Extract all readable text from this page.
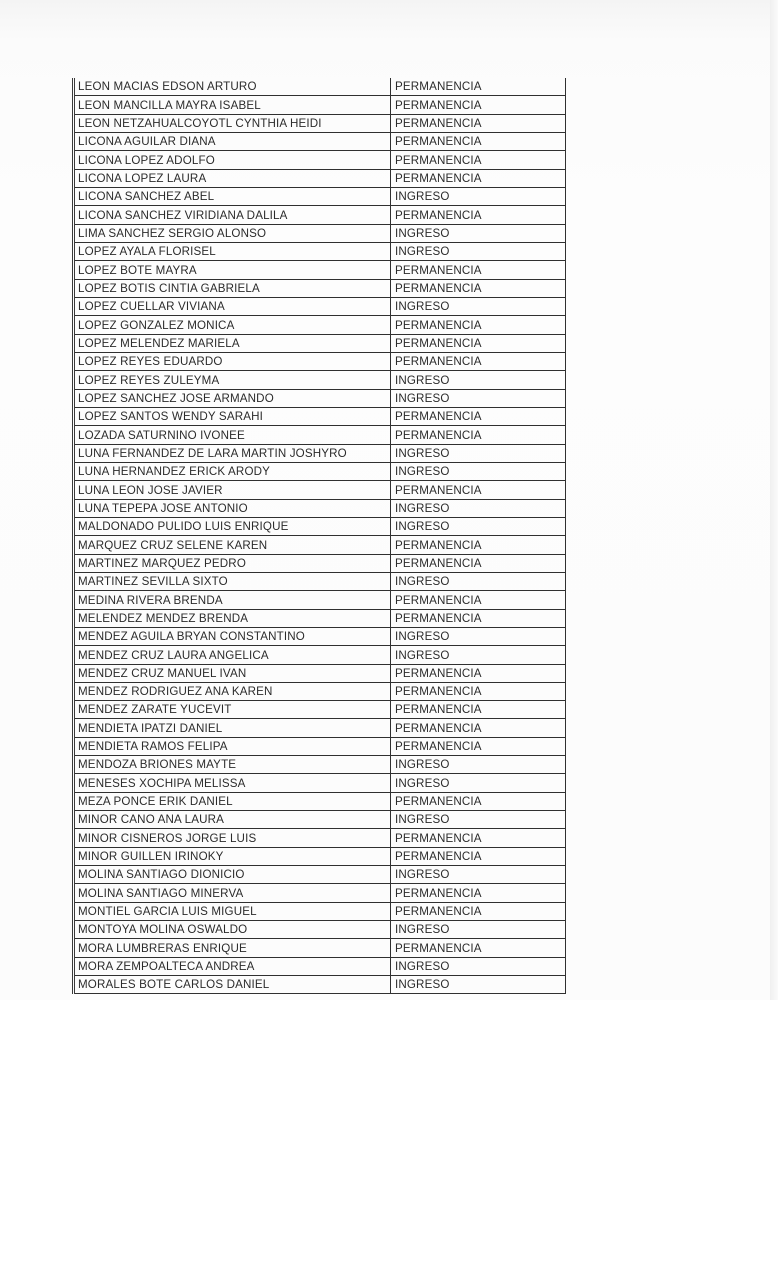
LEON MACIAS EDSON ARTURO	PERMANENCIA
LEON MANCILLA MAYRA ISABEL	PERMANENCIA
LEON NETZAHUALCOYOTL CYNTHIA HEIDI	PERMANENCIA
LICONA AGUILAR DIANA	PERMANENCIA
LICONA LOPEZ ADOLFO	PERMANENCIA
LICONA LOPEZ LAURA	PERMANENCIA
LICONA SANCHEZ ABEL	INGRESO
LICONA SANCHEZ VIRIDIANA DALILA	PERMANENCIA
LIMA SANCHEZ SERGIO ALONSO	INGRESO
LOPEZ AYALA FLORISEL	INGRESO
LOPEZ BOTE MAYRA	PERMANENCIA
LOPEZ BOTIS CINTIA GABRIELA	PERMANENCIA
LOPEZ CUELLAR VIVIANA	INGRESO
LOPEZ GONZALEZ MONICA	PERMANENCIA
LOPEZ MELENDEZ MARIELA	PERMANENCIA
LOPEZ REYES EDUARDO	PERMANENCIA
LOPEZ REYES ZULEYMA	INGRESO
LOPEZ SANCHEZ JOSE ARMANDO	INGRESO
LOPEZ SANTOS WENDY SARAHI	PERMANENCIA
LOZADA SATURNINO IVONEE	PERMANENCIA
LUNA FERNANDEZ DE LARA MARTIN JOSHYRO	INGRESO
LUNA HERNANDEZ ERICK ARODY	INGRESO
LUNA LEON JOSE JAVIER	PERMANENCIA
LUNA TEPEPA JOSE ANTONIO	INGRESO
MALDONADO PULIDO LUIS ENRIQUE	INGRESO
MARQUEZ CRUZ SELENE KAREN	PERMANENCIA
MARTINEZ MARQUEZ PEDRO	PERMANENCIA
MARTINEZ SEVILLA SIXTO	INGRESO
MEDINA RIVERA BRENDA	PERMANENCIA
MELENDEZ MENDEZ BRENDA	PERMANENCIA
MENDEZ AGUILA BRYAN CONSTANTINO	INGRESO
MENDEZ CRUZ LAURA ANGELICA	INGRESO
MENDEZ CRUZ MANUEL IVAN	PERMANENCIA
MENDEZ RODRIGUEZ ANA KAREN	PERMANENCIA
MENDEZ ZARATE YUCEVIT	PERMANENCIA
MENDIETA IPATZI DANIEL	PERMANENCIA
MENDIETA RAMOS FELIPA	PERMANENCIA
MENDOZA BRIONES MAYTE	INGRESO
MENESES XOCHIPA MELISSA	INGRESO
MEZA PONCE ERIK DANIEL	PERMANENCIA
MINOR CANO ANA LAURA	INGRESO
MINOR CISNEROS JORGE LUIS	PERMANENCIA
MINOR GUILLEN IRINOKY	PERMANENCIA
MOLINA SANTIAGO DIONICIO	INGRESO
MOLINA SANTIAGO MINERVA	PERMANENCIA
MONTIEL GARCIA LUIS MIGUEL	PERMANENCIA
MONTOYA MOLINA OSWALDO	INGRESO
MORA LUMBRERAS ENRIQUE	PERMANENCIA
MORA ZEMPOALTECA ANDREA	INGRESO
MORALES BOTE CARLOS DANIEL	INGRESO
